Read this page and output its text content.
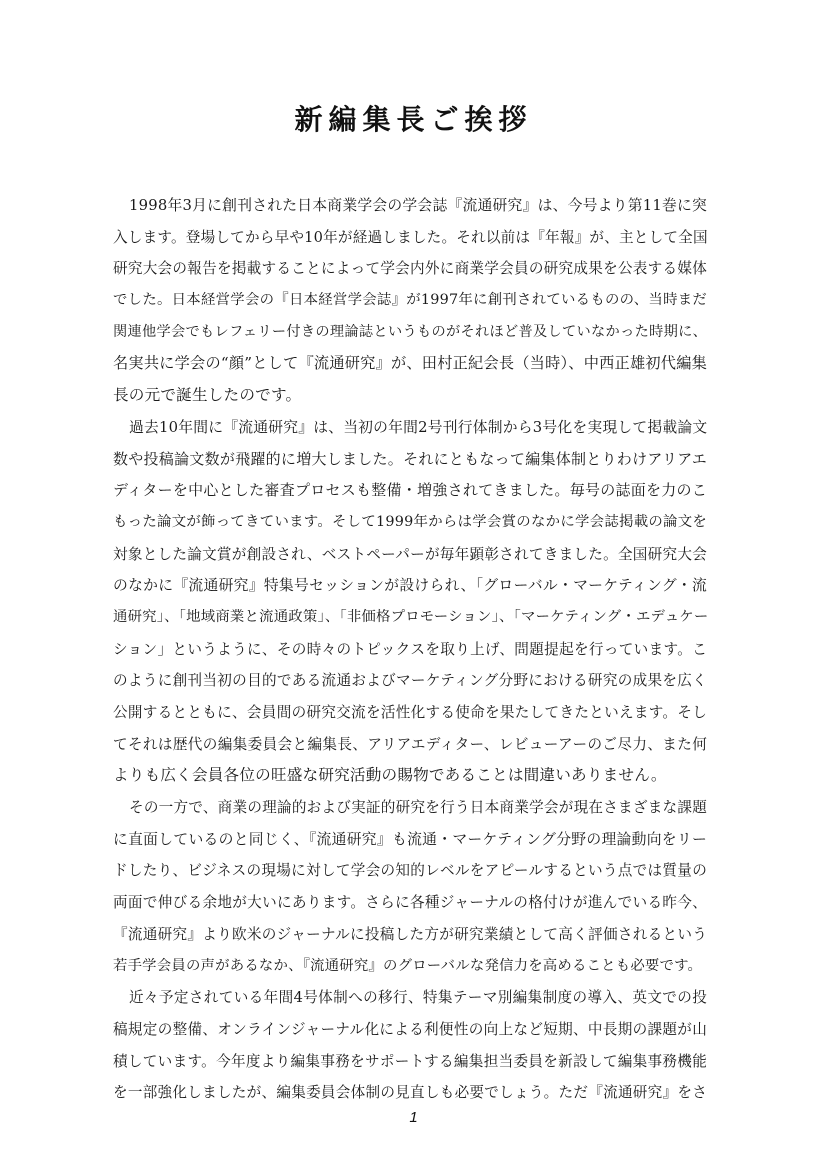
新編集長ご挨拶
1998年3月に創刊された日本商業学会の学会誌『流通研究』は、今号より第11巻に突
入します。登場してから早や10年が経過しました。それ以前は『年報』が、主として全国
研究大会の報告を掲載することによって学会内外に商業学会員の研究成果を公表する媒体
でした。日本経営学会の『日本経営学会誌』が1997年に創刊されているものの、当時まだ
関連他学会でもレフェリー付きの理論誌というものがそれほど普及していなかった時期に、
名実共に学会の“顔”として『流通研究』が、田村正紀会長（当時）、中西正雄初代編集
長の元で誕生したのです。
過去10年間に『流通研究』は、当初の年間2号刊行体制から3号化を実現して掲載論文
数や投稿論文数が飛躍的に増大しました。それにともなって編集体制とりわけアリアエ
ディターを中心とした審査プロセスも整備・増強されてきました。毎号の誌面を力のこ
もった論文が飾ってきています。そして1999年からは学会賞のなかに学会誌掲載の論文を
対象とした論文賞が創設され、ベストペーパーが毎年顕彰されてきました。全国研究大会
のなかに『流通研究』特集号セッションが設けられ、「グローバル・マーケティング・流
通研究」、「地域商業と流通政策」、「非価格プロモーション」、「マーケティング・エデュケー
ション」というように、その時々のトピックスを取り上げ、問題提起を行っています。こ
のように創刊当初の目的である流通およびマーケティング分野における研究の成果を広く
公開するとともに、会員間の研究交流を活性化する使命を果たしてきたといえます。そし
てそれは歴代の編集委員会と編集長、アリアエディター、レビューアーのご尽力、また何
よりも広く会員各位の旺盛な研究活動の賜物であることは間違いありません。
その一方で、商業の理論的および実証的研究を行う日本商業学会が現在さまざまな課題
に直面しているのと同じく、『流通研究』も流通・マーケティング分野の理論動向をリー
ドしたり、ビジネスの現場に対して学会の知的レベルをアピールするという点では質量の
両面で伸びる余地が大いにあります。さらに各種ジャーナルの格付けが進んでいる昨今、
『流通研究』より欧米のジャーナルに投稿した方が研究業績として高く評価されるという
若手学会員の声があるなか、『流通研究』のグローバルな発信力を高めることも必要です。
近々予定されている年間4号体制への移行、特集テーマ別編集制度の導入、英文での投
稿規定の整備、オンラインジャーナル化による利便性の向上など短期、中長期の課題が山
積しています。今年度より編集事務をサポートする編集担当委員を新設して編集事務機能
を一部強化しましたが、編集委員会体制の見直しも必要でしょう。ただ『流通研究』をさ
1
